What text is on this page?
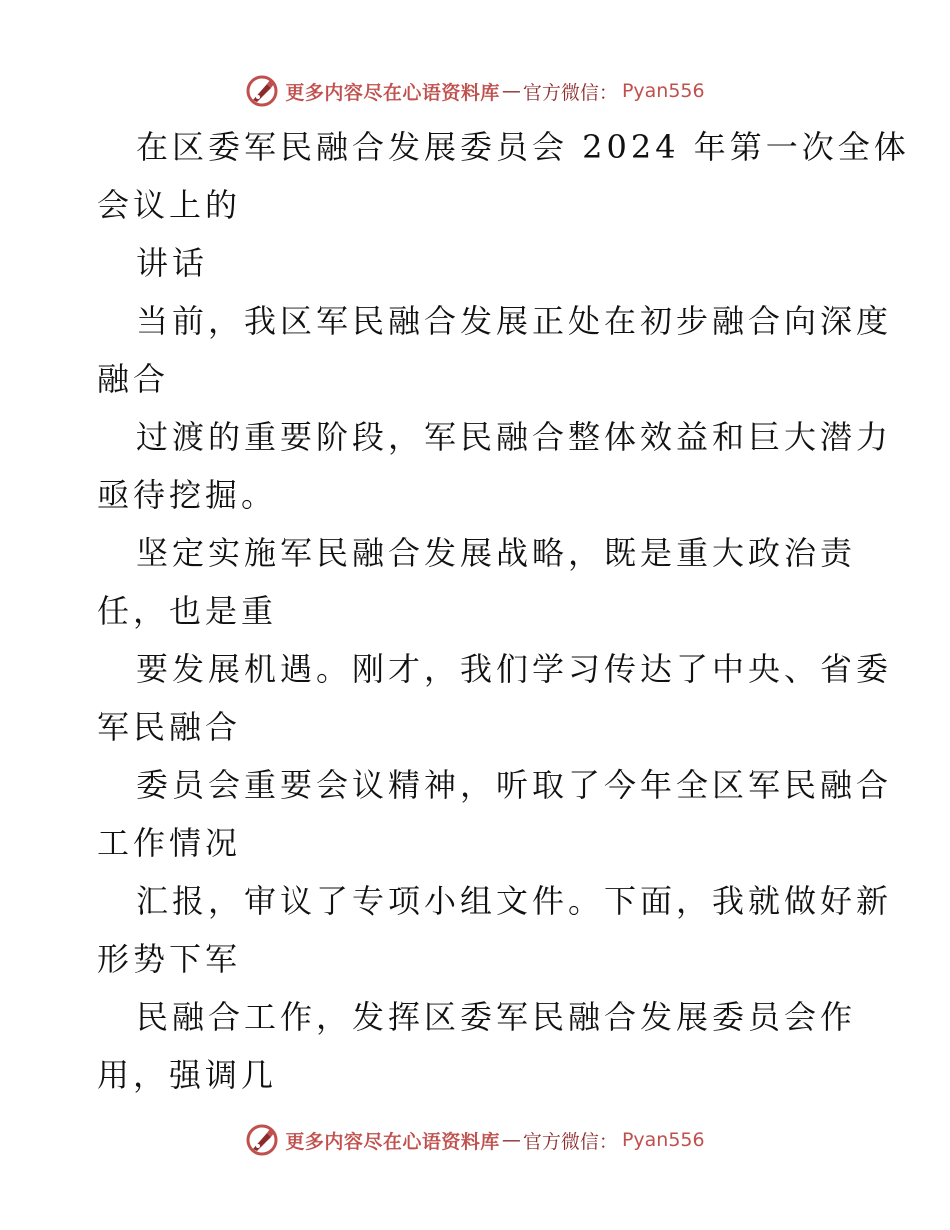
更多内容尽在心语资料库 — 官方微信 ： Pyan556
在区委军民融合发展委员会 2024 年第一次全体
会议上的
讲话
当前，我区军民融合发展正处在初步融合向深度
融合
过渡的重要阶段，军民融合整体效益和巨大潜力
亟待挖掘。
坚定实施军民融合发展战略，既是重大政治责
任，也是重
要发展机遇。刚才，我们学习传达了中央、省委
军民融合
委员会重要会议精神，听取了今年全区军民融合
工作情况
汇报，审议了专项小组文件。下面，我就做好新
形势下军
民融合工作，发挥区委军民融合发展委员会作
用，强调几
更多内容尽在心语资料库 — 官方微信 ： Pyan556
